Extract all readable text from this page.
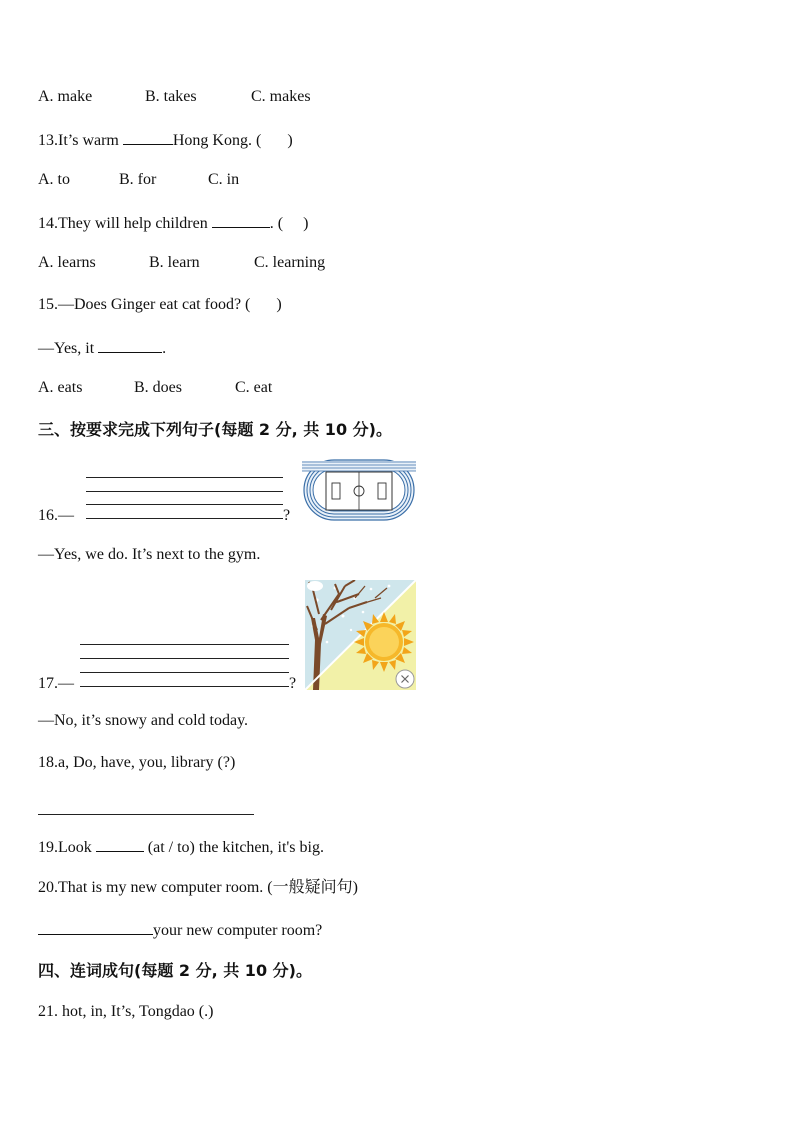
A. make	B. takes	C. makes
13.It’s warm	Hong Kong. ( )
A. to	B. for	C. in
14.They will help children	. ( )
A. learns	B. learn	C. learning
15.—Does Ginger eat cat food? ( )
—Yes, it	.
A. eats	B. does	C. eat
三、按要求完成下列句子(每题 2 分, 共 10 分)。
16.—	?
—Yes, we do. It’s next to the gym.
17.—	?
—No, it’s snowy and cold today.
18.a, Do, have, you, library (?)
19.Look	(at / to) the kitchen, it's big.
20.That is my new computer room. (一般疑问句)
your new computer room?
四、连词成句(每题 2 分, 共 10 分)。
21. hot, in, It’s, Tongdao (.)
